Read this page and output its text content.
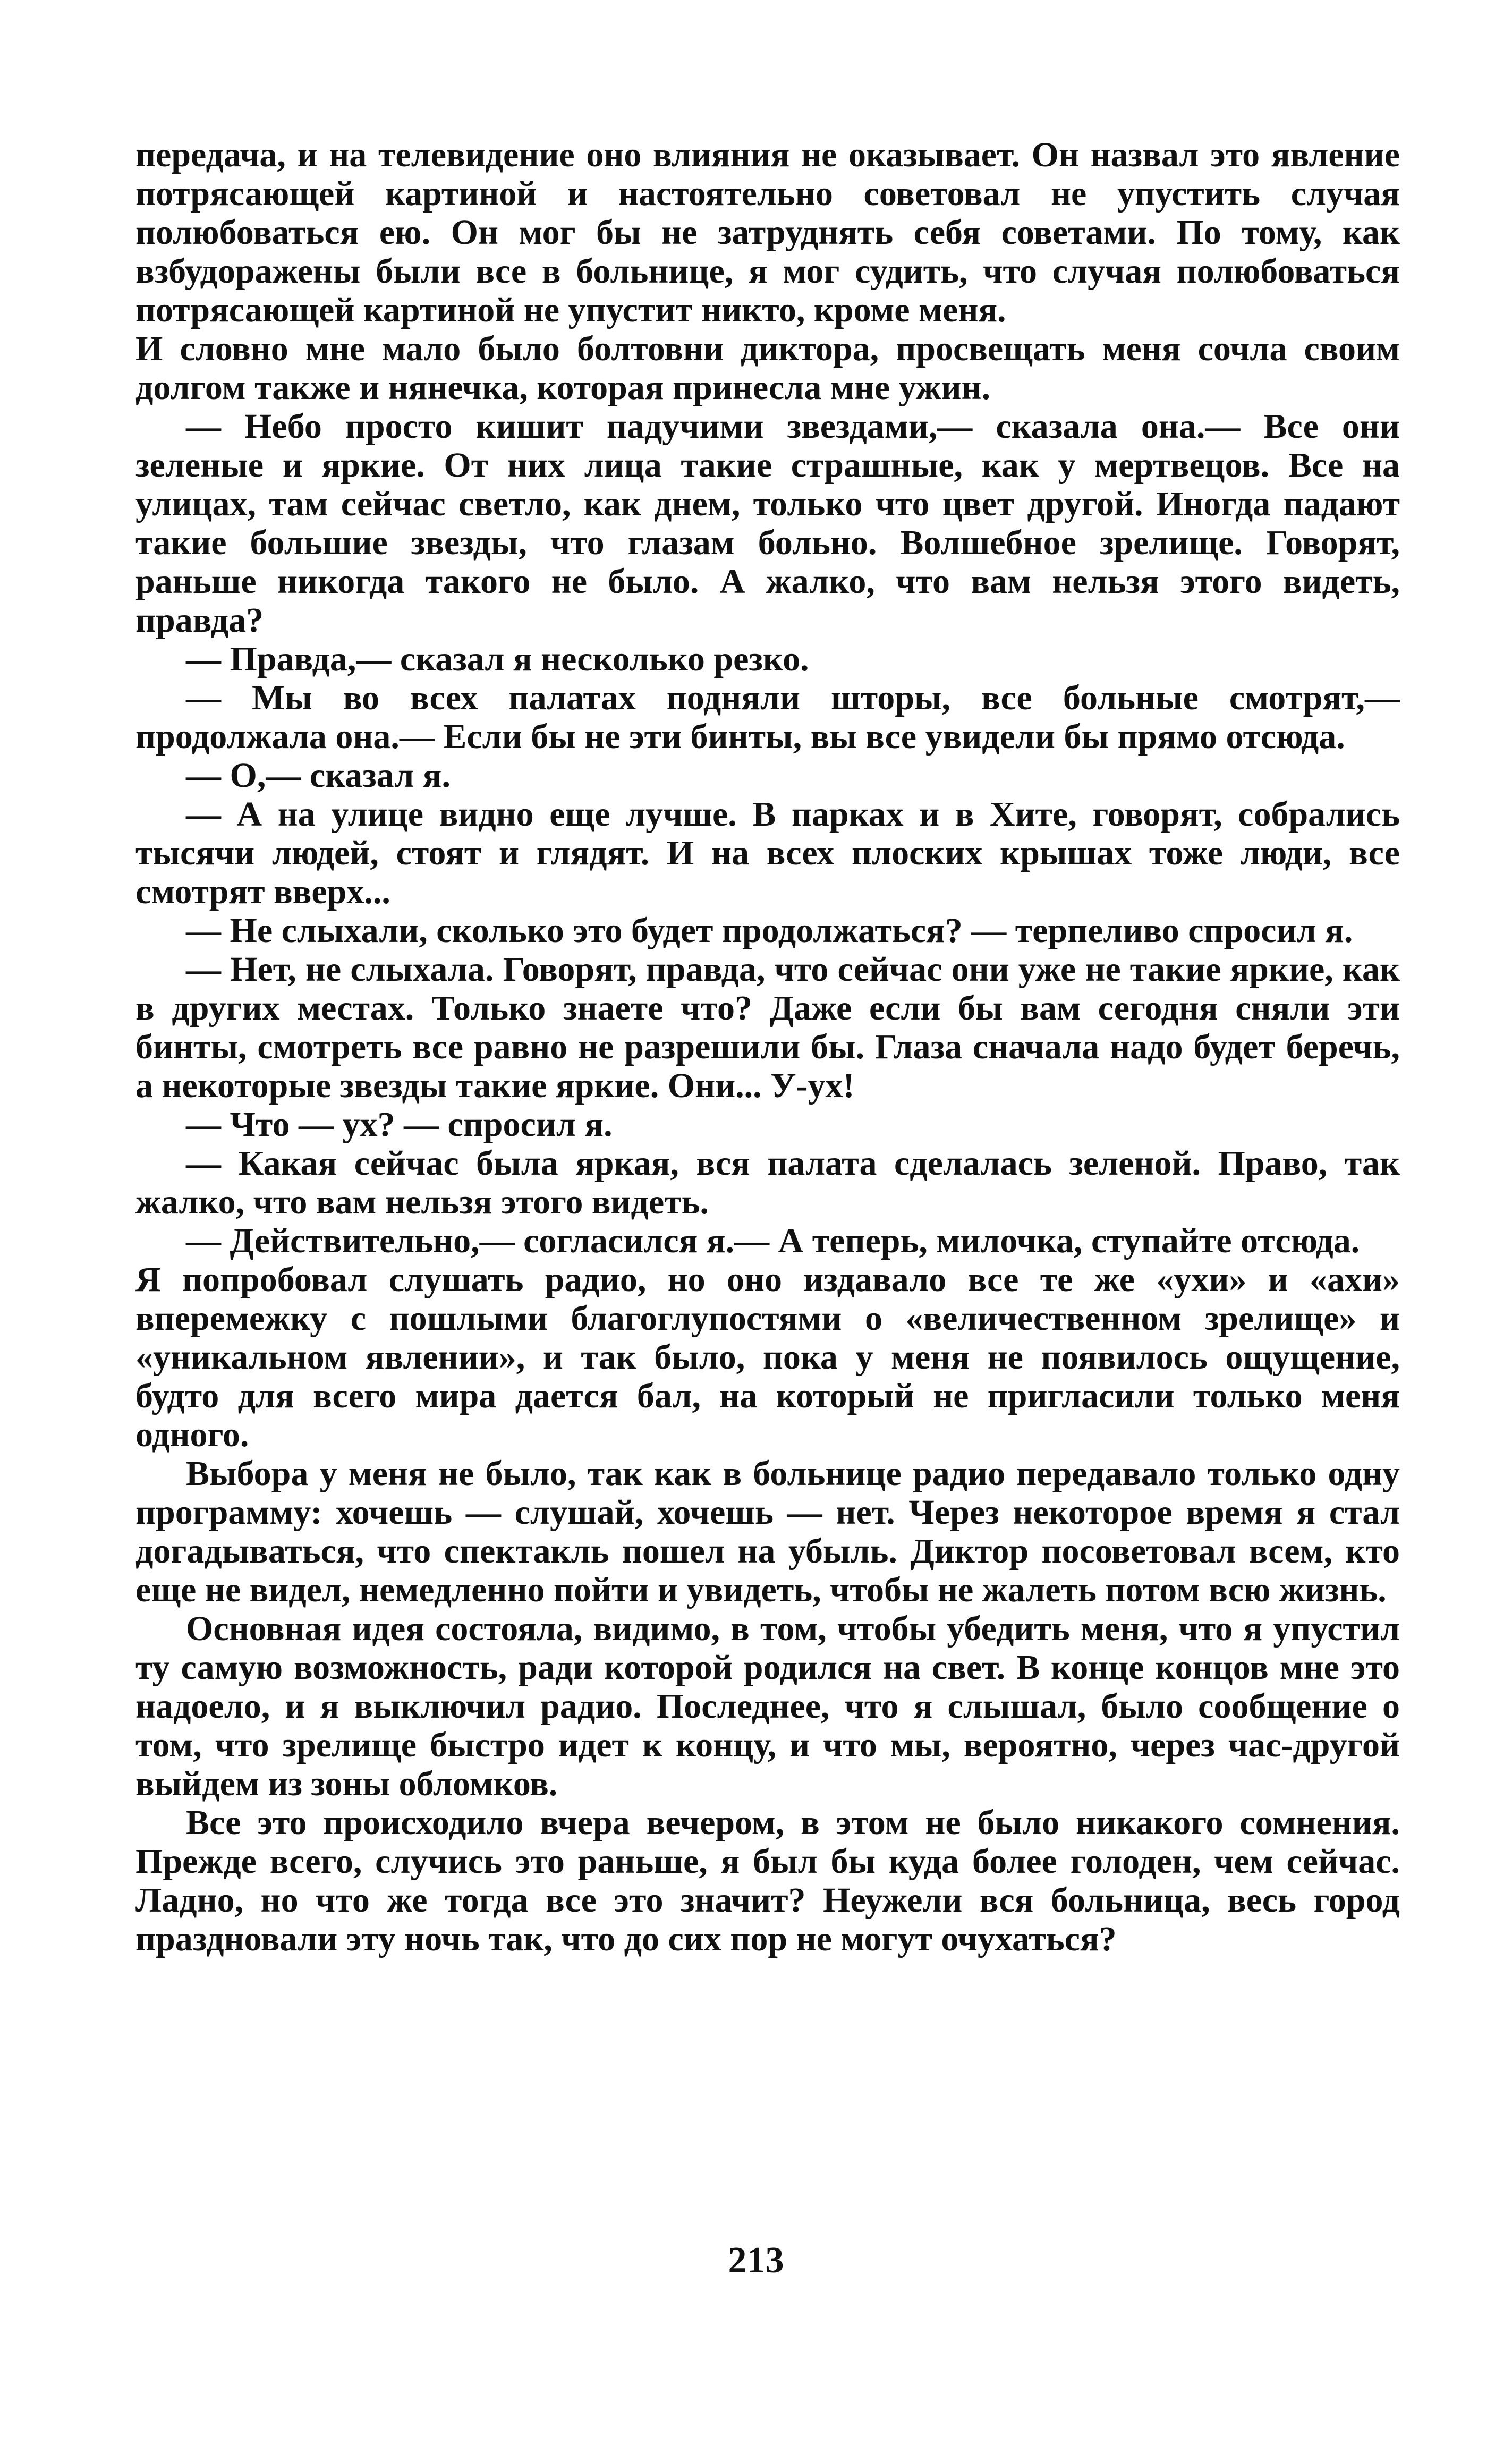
передача, и на телевидение оно влияния не оказывает. Он назвал это явление потрясающей картиной и настоятельно советовал не упустить случая полюбоваться ею. Он мог бы не затруднять себя советами. По тому, как взбудоражены были все в больнице, я мог судить, что случая полюбоваться потрясающей картиной не упустит никто, кроме меня.

И словно мне мало было болтовни диктора, просвещать меня сочла своим долгом также и нянечка, которая принесла мне ужин.

— Небо просто кишит падучими звездами,— сказала она.— Все они зеленые и яркие. От них лица такие страшные, как у мертвецов. Все на улицах, там сейчас светло, как днем, только что цвет другой. Иногда падают такие большие звезды, что глазам больно. Волшебное зрелище. Говорят, раньше никогда такого не было. А жалко, что вам нельзя этого видеть, правда?

— Правда,— сказал я несколько резко.

— Мы во всех палатах подняли шторы, все больные смотрят,— продолжала она.— Если бы не эти бинты, вы все увидели бы прямо отсюда.

— О,— сказал я.

— А на улице видно еще лучше. В парках и в Хите, говорят, собрались тысячи людей, стоят и глядят. И на всех плоских крышах тоже люди, все смотрят вверх...

— Не слыхали, сколько это будет продолжаться? — терпеливо спросил я.

— Нет, не слыхала. Говорят, правда, что сейчас они уже не такие яркие, как в других местах. Только знаете что? Даже если бы вам сегодня сняли эти бинты, смотреть все равно не разрешили бы. Глаза сначала надо будет беречь, а некоторые звезды такие яркие. Они... У-ух!

— Что — ух? — спросил я.

— Какая сейчас была яркая, вся палата сделалась зеленой. Право, так жалко, что вам нельзя этого видеть.

— Действительно,— согласился я.— А теперь, милочка, ступайте отсюда.

Я попробовал слушать радио, но оно издавало все те же «ухи» и «ахи» вперемежку с пошлыми благоглупостями о «величественном зрелище» и «уникальном явлении», и так было, пока у меня не появилось ощущение, будто для всего мира дается бал, на который не пригласили только меня одного.

Выбора у меня не было, так как в больнице радио передавало только одну программу: хочешь — слушай, хочешь — нет. Через некоторое время я стал догадываться, что спектакль пошел на убыль. Диктор посоветовал всем, кто еще не видел, немедленно пойти и увидеть, чтобы не жалеть потом всю жизнь.

Основная идея состояла, видимо, в том, чтобы убедить меня, что я упустил ту самую возможность, ради которой родился на свет. В конце концов мне это надоело, и я выключил радио. Последнее, что я слышал, было сообщение о том, что зрелище быстро идет к концу, и что мы, вероятно, через час-другой выйдем из зоны обломков.

Все это происходило вчера вечером, в этом не было никакого сомнения. Прежде всего, случись это раньше, я был бы куда более голоден, чем сейчас. Ладно, но что же тогда все это значит? Неужели вся больница, весь город праздновали эту ночь так, что до сих пор не могут очухаться?

213
